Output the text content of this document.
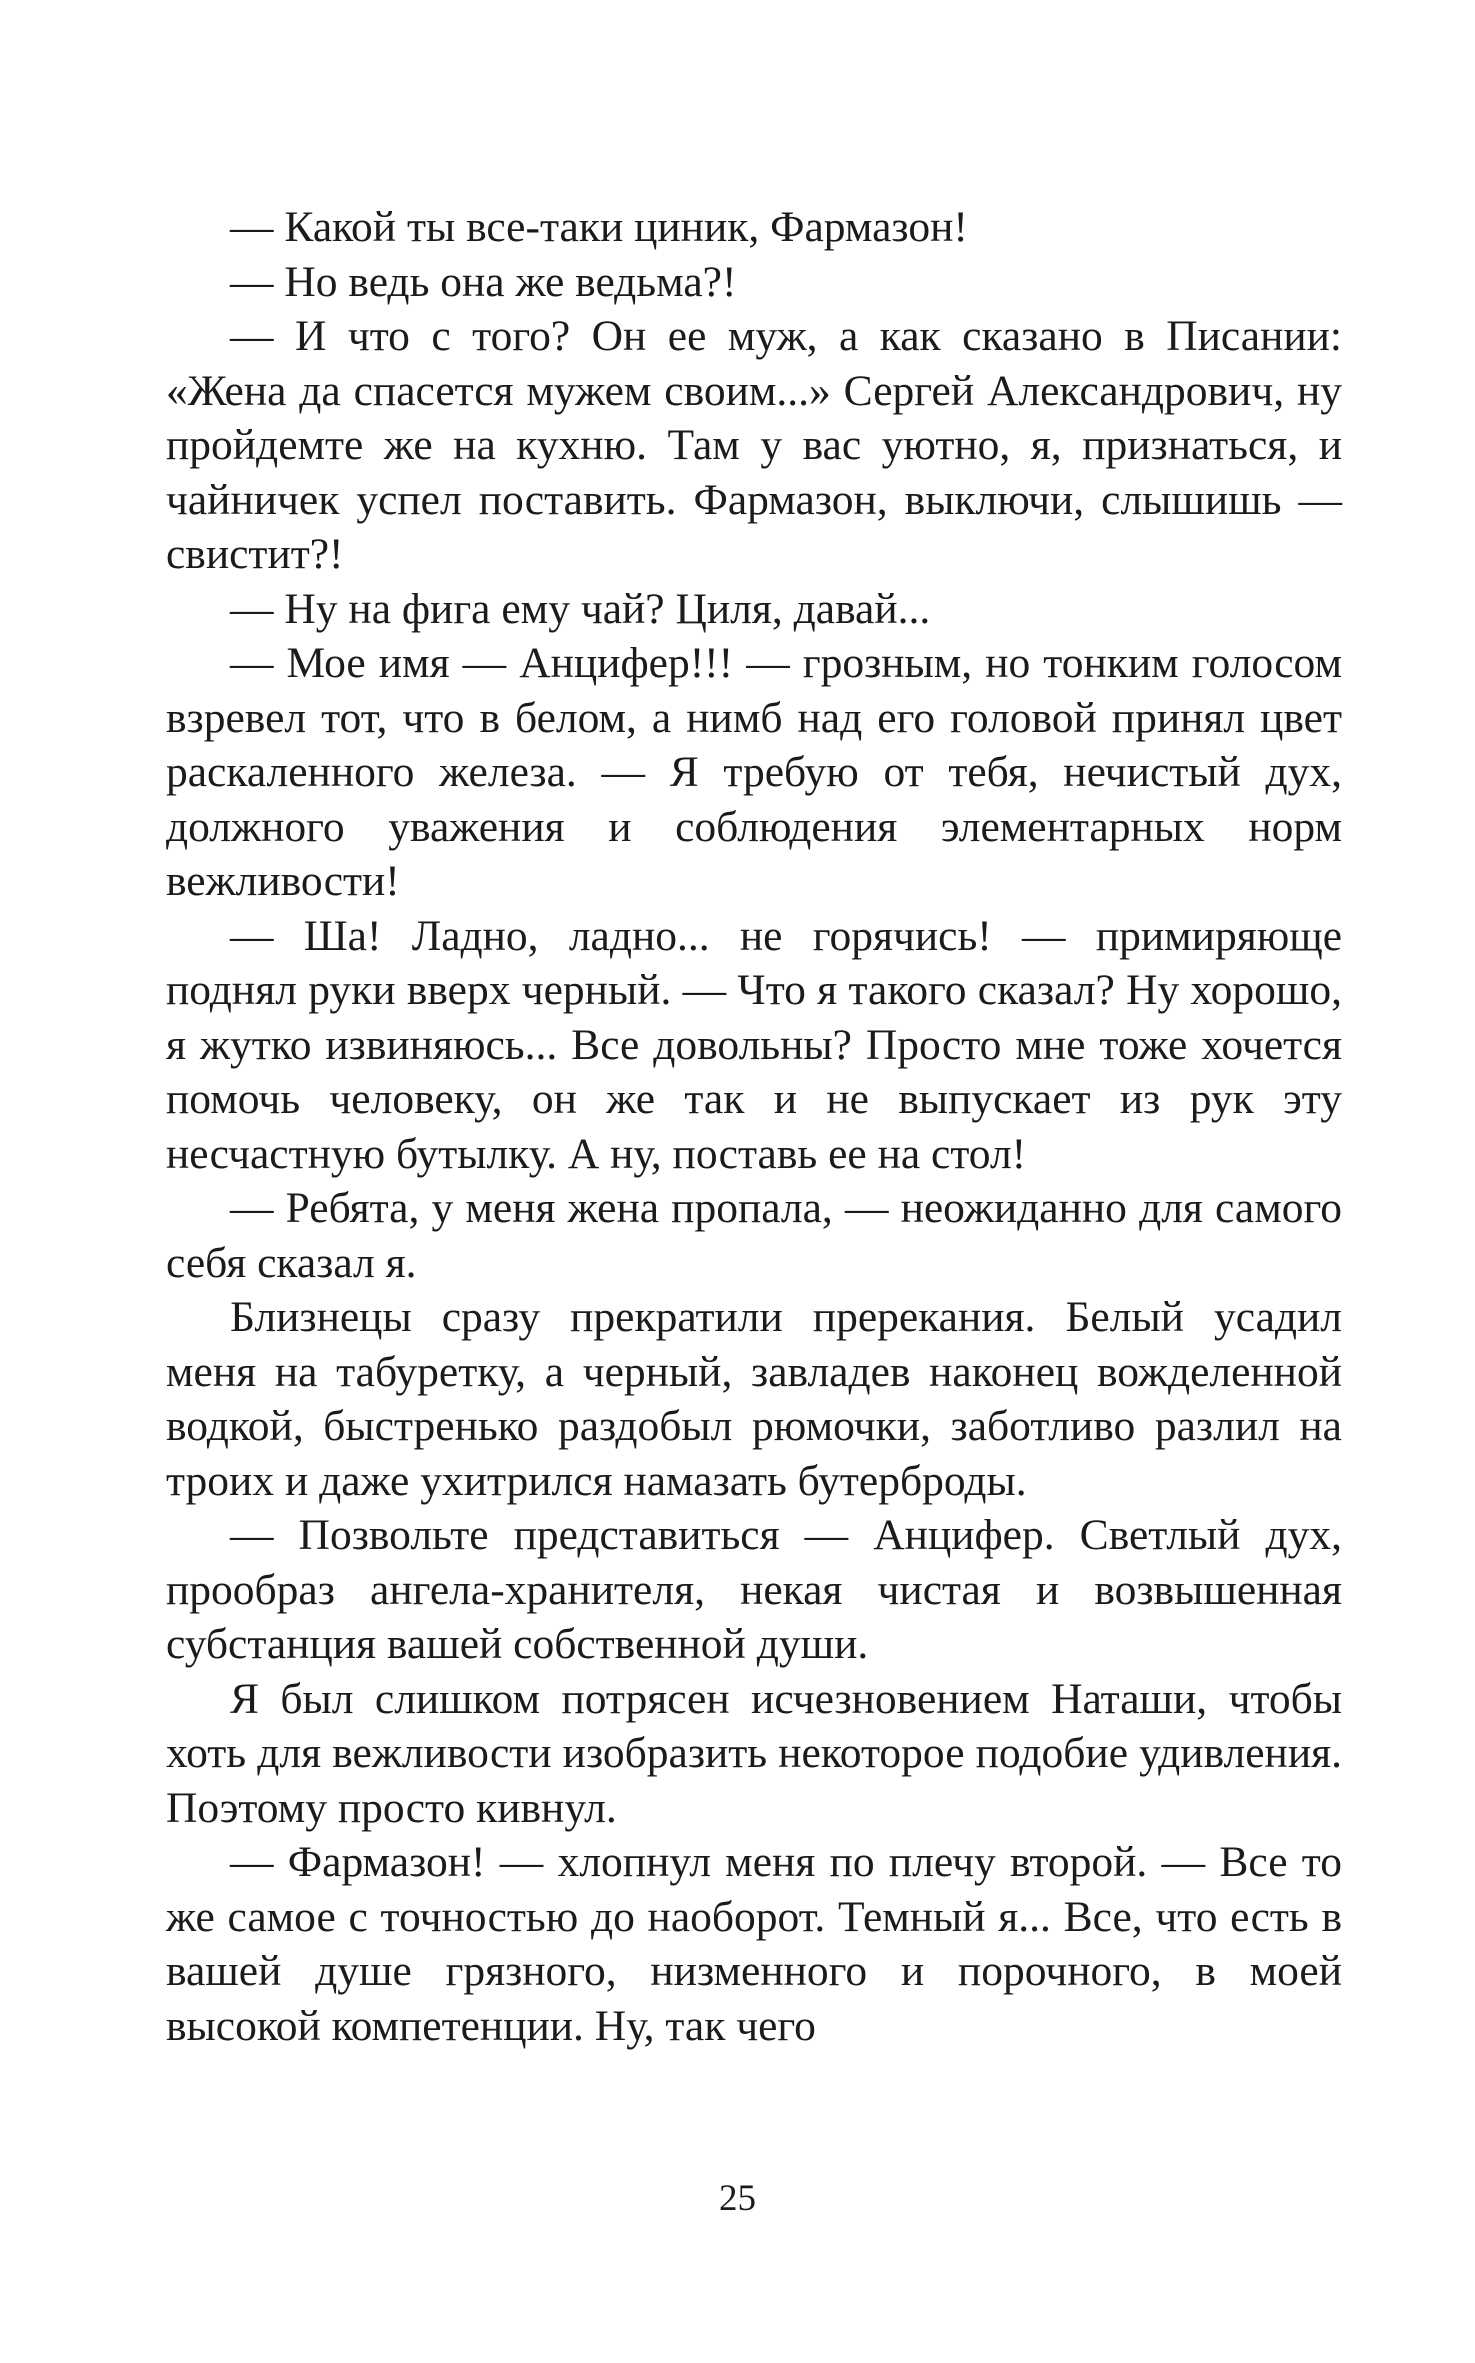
— Какой ты все-таки циник, Фармазон!

— Но ведь она же ведьма?!

— И что с того? Он ее муж, а как сказано в Писании: «Жена да спасется мужем своим...» Сергей Александрович, ну пройдемте же на кухню. Там у вас уютно, я, признаться, и чайничек успел поставить. Фармазон, выключи, слышишь — свистит?!

— Ну на фига ему чай? Циля, давай...

— Мое имя — Анцифер!!! — грозным, но тонким голосом взревел тот, что в белом, а нимб над его головой принял цвет раскаленного железа. — Я требую от тебя, нечистый дух, должного уважения и соблюдения элементарных норм вежливости!

— Ша! Ладно, ладно... не горячись! — примиряюще поднял руки вверх черный. — Что я такого сказал? Ну хорошо, я жутко извиняюсь... Все довольны? Просто мне тоже хочется помочь человеку, он же так и не выпускает из рук эту несчастную бутылку. А ну, поставь ее на стол!

— Ребята, у меня жена пропала, — неожиданно для самого себя сказал я.

Близнецы сразу прекратили пререкания. Белый усадил меня на табуретку, а черный, завладев наконец вожделенной водкой, быстренько раздобыл рюмочки, заботливо разлил на троих и даже ухитрился намазать бутерброды.

— Позвольте представиться — Анцифер. Светлый дух, прообраз ангела-хранителя, некая чистая и возвышенная субстанция вашей собственной души.

Я был слишком потрясен исчезновением Наташи, чтобы хоть для вежливости изобразить некоторое подобие удивления. Поэтому просто кивнул.

— Фармазон! — хлопнул меня по плечу второй. — Все то же самое с точностью до наоборот. Темный я... Все, что есть в вашей душе грязного, низменного и порочного, в моей высокой компетенции. Ну, так чего

25
